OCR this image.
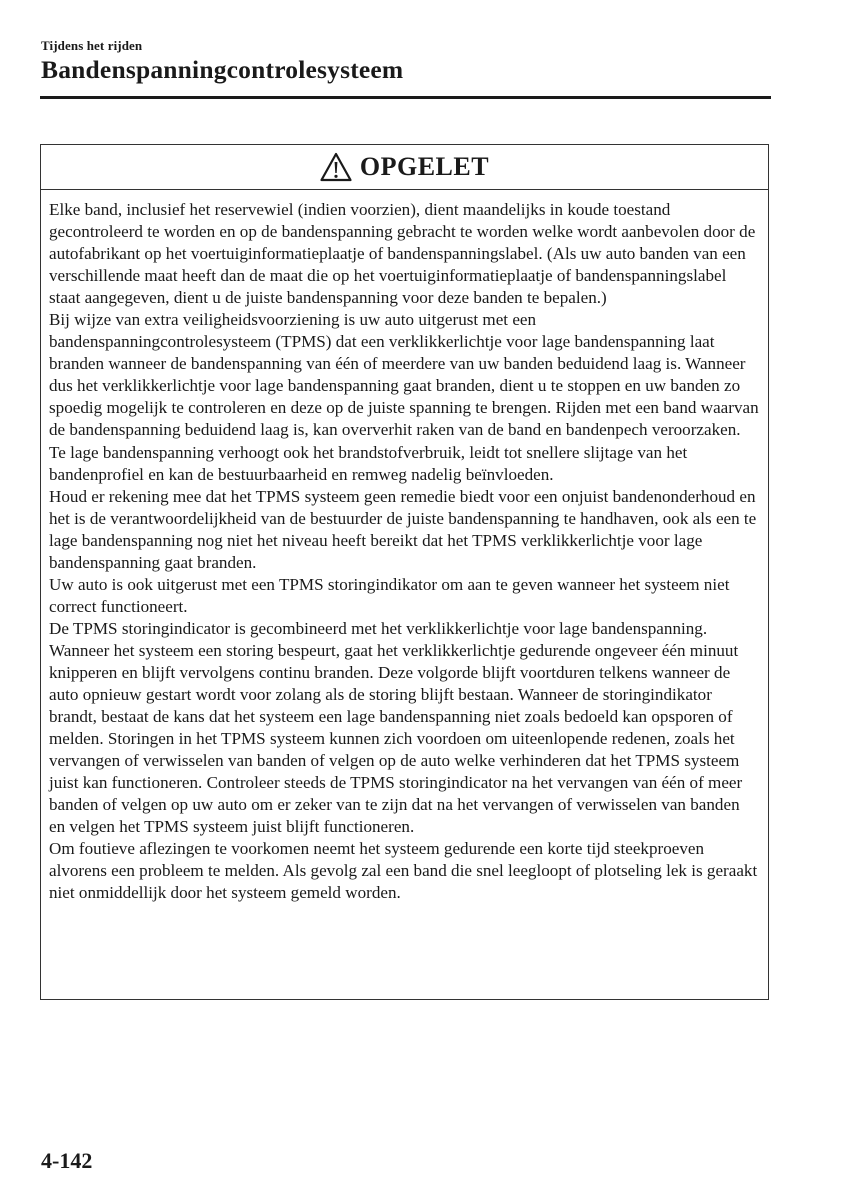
Tijdens het rijden
Bandenspanningcontrolesysteem
OPGELET

Elke band, inclusief het reservewiel (indien voorzien), dient maandelijks in koude toestand gecontroleerd te worden en op de bandenspanning gebracht te worden welke wordt aanbevolen door de autofabrikant op het voertuiginformatieplaatje of bandenspanningslabel. (Als uw auto banden van een verschillende maat heeft dan de maat die op het voertuiginformatieplaatje of bandenspanningslabel staat aangegeven, dient u de juiste bandenspanning voor deze banden te bepalen.)

Bij wijze van extra veiligheidsvoorziening is uw auto uitgerust met een bandenspanningcontrolesysteem (TPMS) dat een verklikkerlichtje voor lage bandenspanning laat branden wanneer de bandenspanning van één of meerdere van uw banden beduidend laag is. Wanneer dus het verklikkerlichtje voor lage bandenspanning gaat branden, dient u te stoppen en uw banden zo spoedig mogelijk te controleren en deze op de juiste spanning te brengen. Rijden met een band waarvan de bandenspanning beduidend laag is, kan oververhit raken van de band en bandenpech veroorzaken. Te lage bandenspanning verhoogt ook het brandstofverbruik, leidt tot snellere slijtage van het bandenprofiel en kan de bestuurbaarheid en remweg nadelig beïnvloeden.

Houd er rekening mee dat het TPMS systeem geen remedie biedt voor een onjuist bandenonderhoud en het is de verantwoordelijkheid van de bestuurder de juiste bandenspanning te handhaven, ook als een te lage bandenspanning nog niet het niveau heeft bereikt dat het TPMS verklikkerlichtje voor lage bandenspanning gaat branden.

Uw auto is ook uitgerust met een TPMS storingindikator om aan te geven wanneer het systeem niet correct functioneert.

De TPMS storingindicator is gecombineerd met het verklikkerlichtje voor lage bandenspanning. Wanneer het systeem een storing bespeurt, gaat het verklikkerlichtje gedurende ongeveer één minuut knipperen en blijft vervolgens continu branden. Deze volgorde blijft voortduren telkens wanneer de auto opnieuw gestart wordt voor zolang als de storing blijft bestaan. Wanneer de storingindikator brandt, bestaat de kans dat het systeem een lage bandenspanning niet zoals bedoeld kan opsporen of melden. Storingen in het TPMS systeem kunnen zich voordoen om uiteenlopende redenen, zoals het vervangen of verwisselen van banden of velgen op de auto welke verhinderen dat het TPMS systeem juist kan functioneren. Controleer steeds de TPMS storingindicator na het vervangen van één of meer banden of velgen op uw auto om er zeker van te zijn dat na het vervangen of verwisselen van banden en velgen het TPMS systeem juist blijft functioneren.

Om foutieve aflezingen te voorkomen neemt het systeem gedurende een korte tijd steekproeven alvorens een probleem te melden. Als gevolg zal een band die snel leegloopt of plotseling lek is geraakt niet onmiddellijk door het systeem gemeld worden.

4-142
